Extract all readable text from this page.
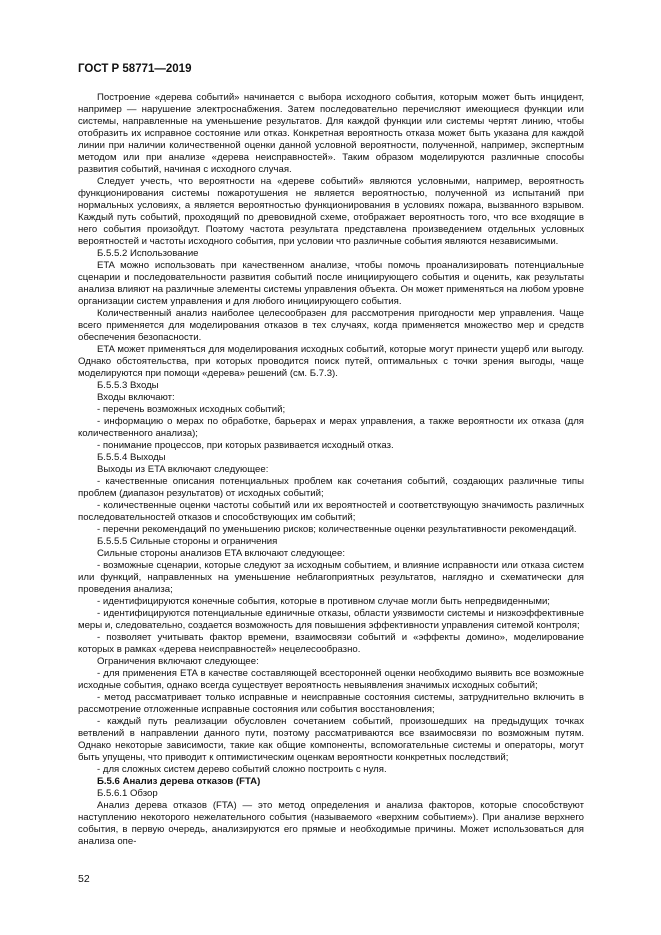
ГОСТ Р 58771—2019

Построение «дерева событий» начинается с выбора исходного события, которым может быть инцидент, например — нарушение электроснабжения. Затем последовательно перечисляют имеющиеся функции или системы, направленные на уменьшение результатов. Для каждой функции или системы чертят линию, чтобы отобразить их исправное состояние или отказ. Конкретная вероятность отказа может быть указана для каждой линии при наличии количественной оценки данной условной вероятности, полученной, например, экспертным методом или при анализе «дерева неисправностей». Таким образом моделируются различные способы развития событий, начиная с исходного случая.

Следует учесть, что вероятности на «дереве событий» являются условными, например, вероятность функционирования системы пожаротушения не является вероятностью, полученной из испытаний при нормальных условиях, а является вероятностью функционирования в условиях пожара, вызванного взрывом. Каждый путь событий, проходящий по древовидной схеме, отображает вероятность того, что все входящие в него события произойдут. Поэтому частота результата представлена произведением отдельных условных вероятностей и частоты исходного события, при условии что различные события являются независимыми.

Б.5.5.2 Использование

ETA можно использовать при качественном анализе, чтобы помочь проанализировать потенциальные сценарии и последовательности развития событий после инициирующего события и оценить, как результаты анализа влияют на различные элементы системы управления объекта. Он может применяться на любом уровне организации систем управления и для любого инициирующего события.

Количественный анализ наиболее целесообразен для рассмотрения пригодности мер управления. Чаще всего применяется для моделирования отказов в тех случаях, когда применяется множество мер и средств обеспечения безопасности.

ETA может применяться для моделирования исходных событий, которые могут принести ущерб или выгоду. Однако обстоятельства, при которых проводится поиск путей, оптимальных с точки зрения выгоды, чаще моделируются при помощи «дерева» решений (см. Б.7.3).

Б.5.5.3 Входы

Входы включают:

- перечень возможных исходных событий;

- информацию о мерах по обработке, барьерах и мерах управления, а также вероятности их отказа (для количественного анализа);

- понимание процессов, при которых развивается исходный отказ.

Б.5.5.4 Выходы

Выходы из ETA включают следующее:

- качественные описания потенциальных проблем как сочетания событий, создающих различные типы проблем (диапазон результатов) от исходных событий;

- количественные оценки частоты событий или их вероятностей и соответствующую значимость различных последовательностей отказов и способствующих им событий;

- перечни рекомендаций по уменьшению рисков; количественные оценки результативности рекомендаций.

Б.5.5.5 Сильные стороны и ограничения

Сильные стороны анализов ETA включают следующее:

- возможные сценарии, которые следуют за исходным событием, и влияние исправности или отказа систем или функций, направленных на уменьшение неблагоприятных результатов, наглядно и схематически для проведения анализа;

- идентифицируются конечные события, которые в противном случае могли быть непредвиденными;

- идентифицируются потенциальные единичные отказы, области уязвимости системы и низкоэффективные меры и, следовательно, создается возможность для повышения эффективности управления ситемой контроля;

- позволяет учитывать фактор времени, взаимосвязи событий и «эффекты домино», моделирование которых в рамках «дерева неисправностей» нецелесообразно.

Ограничения включают следующее:

- для применения ETA в качестве составляющей всесторонней оценки необходимо выявить все возможные исходные события, однако всегда существует вероятность невыявления значимых исходных событий;

- метод рассматривает только исправные и неисправные состояния системы, затруднительно включить в рассмотрение отложенные исправные состояния или события восстановления;

- каждый путь реализации обусловлен сочетанием событий, произошедших на предыдущих точках ветвлений в направлении данного пути, поэтому рассматриваются все взаимосвязи по возможным путям. Однако некоторые зависимости, такие как общие компоненты, вспомогательные системы и операторы, могут быть упущены, что приводит к оптимистическим оценкам вероятности конкретных последствий;

- для сложных систем дерево событий сложно построить с нуля.

Б.5.6 Анализ дерева отказов (FTA)

Б.5.6.1 Обзор

Анализ дерева отказов (FTA) — это метод определения и анализа факторов, которые способствуют наступлению некоторого нежелательного события (называемого «верхним событием»). При анализе верхнего события, в первую очередь, анализируются его прямые и необходимые причины. Может использоваться для анализа опе-

52
